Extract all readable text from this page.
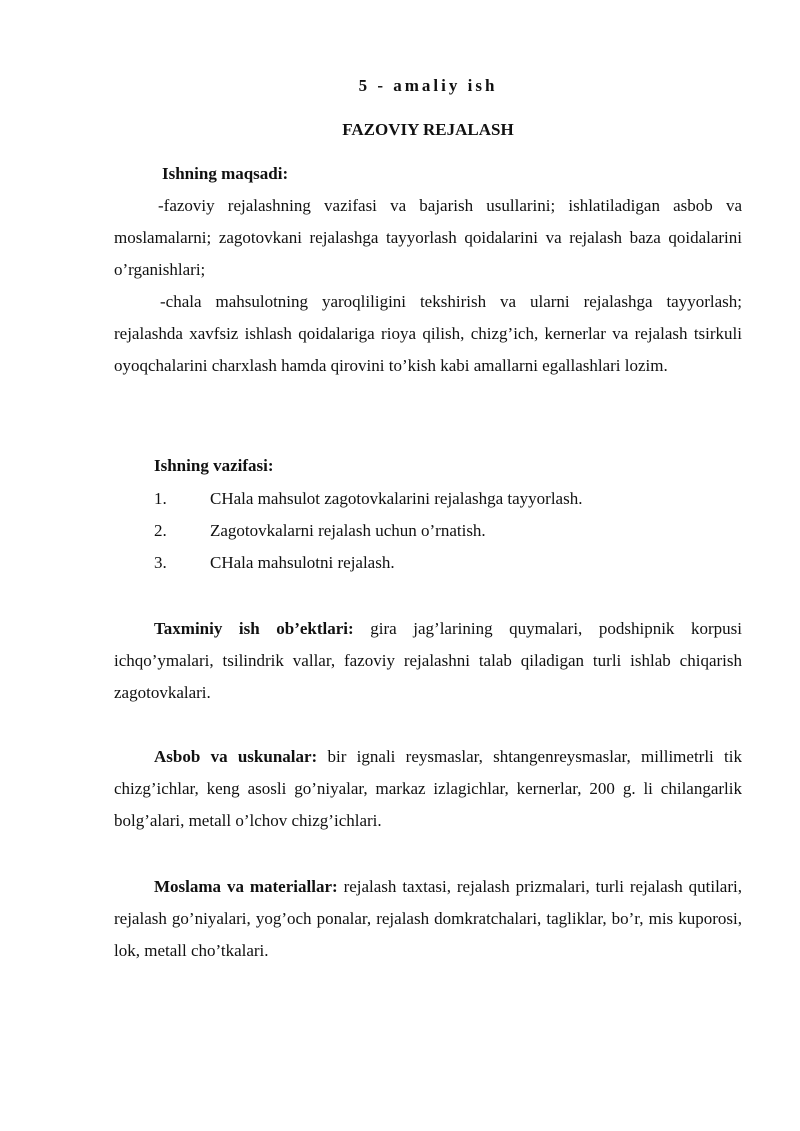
5 - amaliy ish
FAZOVIY REJALASH
Ishning maqsadi:
-fazoviy rejalashning vazifasi va bajarish usullarini; ishlatiladigan asbob va moslamalarni; zagotovkani rejalashga tayyorlash qoidalarini va rejalash baza qoidalarini o’rganishlari;
-chala mahsulotning yaroqliligini tekshirish va ularni rejalashga tayyorlash; rejalashda xavfsiz ishlash qoidalariga rioya qilish, chizg’ich, kernerlar va rejalash tsirkuli oyoqchalarini charxlash hamda qirovini to’kish kabi amallarni egallashlari lozim.
Ishning vazifasi:
1.	CHala mahsulot zagotovkalarini rejalashga tayyorlash.
2.	Zagotovkalarni rejalash uchun o’rnatish.
3.	CHala mahsulotni rejalash.
Taxminiy ish ob’ektlari: gira jag’larining quymalari, podshipnik korpusi ichqo’ymalari, tsilindrik vallar, fazoviy rejalashni talab qiladigan turli ishlab chiqarish zagotovkalari.
Asbob va uskunalar: bir ignali reysmaslar, shtangenreysmaslar, millimetrli tik chizg’ichlar, keng asosli go’niyalar, markaz izlagichlar, kernerlar, 200 g. li chilangarlik bolg’alari, metall o’lchov chizg’ichlari.
Moslama va materiallar: rejalash taxtasi, rejalash prizmalari, turli rejalash qutilari, rejalash go’niyalari, yog’och ponalar, rejalash domkratchalari, tagliklar, bo’r, mis kuporosi, lok, metall cho’tkalari.
